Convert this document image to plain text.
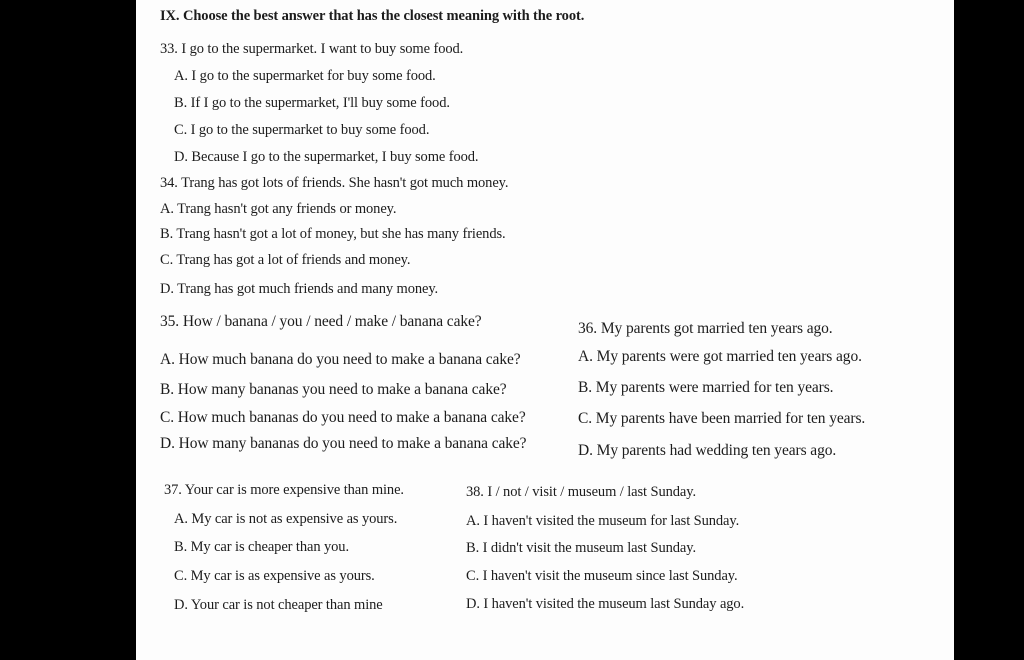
IX. Choose the best answer that has the closest meaning with the root.
33. I go to the supermarket. I want to buy some food.
A. I go to the supermarket for buy some food.
B. If I go to the supermarket, I'll buy some food.
C. I go to the supermarket to buy some food.
D. Because I go to the supermarket, I buy some food.
34. Trang has got lots of friends. She hasn't got much money.
A. Trang hasn't got any friends or money.
B. Trang hasn't got a lot of money, but she has many friends.
C. Trang has got a lot of friends and money.
D. Trang has got much friends and many money.
35. How / banana / you / need / make / banana cake?
A. How much banana do you need to make a banana cake?
B. How many bananas you need to make a banana cake?
C. How much bananas do you need to make a banana cake?
D. How many bananas do you need to make a banana cake?
36. My parents got married ten years ago.
A. My parents were got married ten years ago.
B. My parents were married for ten years.
C. My parents have been married for ten years.
D. My parents had wedding ten years ago.
37. Your car is more expensive than mine.
A. My car is not as expensive as yours.
B. My car is cheaper than you.
C. My car is as expensive as yours.
D. Your car is not cheaper than mine
38. I / not / visit / museum / last Sunday.
A. I haven't visited the museum for last Sunday.
B. I didn't visit the museum last Sunday.
C. I haven't visit the museum since last Sunday.
D. I haven't visited the museum last Sunday ago.
